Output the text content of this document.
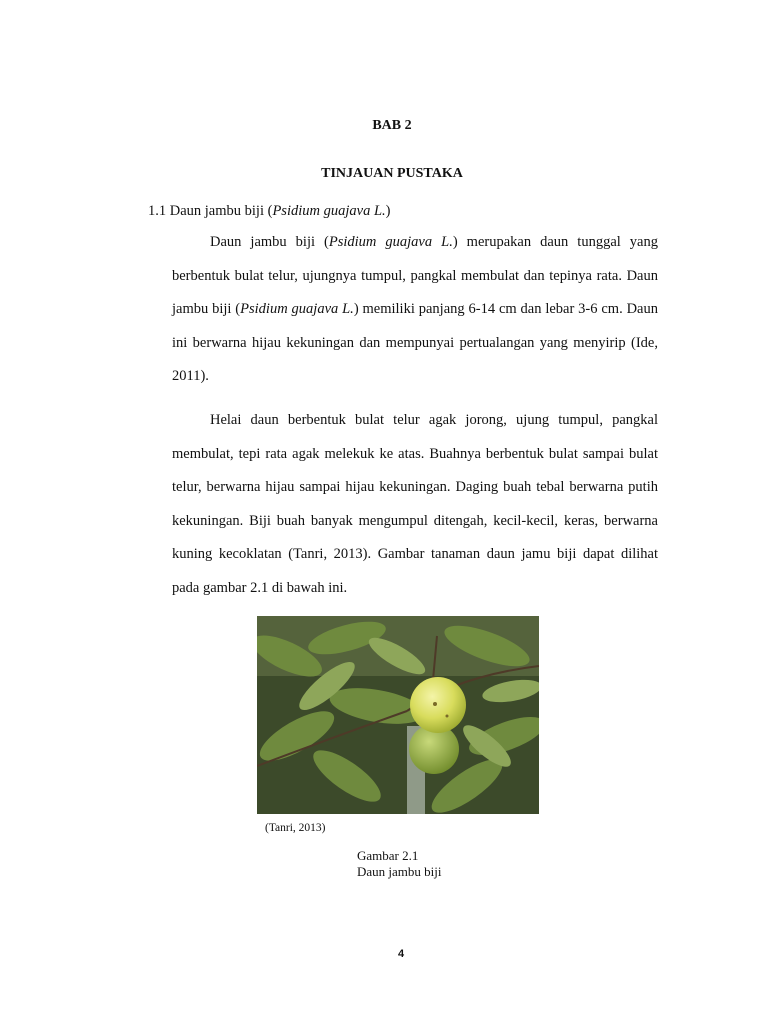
BAB 2
TINJAUAN PUSTAKA
1.1 Daun jambu biji (Psidium guajava L.)

Daun jambu biji (Psidium guajava L.) merupakan daun tunggal yang berbentuk bulat telur, ujungnya tumpul, pangkal membulat dan tepinya rata. Daun jambu biji (Psidium guajava L.) memiliki panjang 6-14 cm dan lebar 3-6 cm. Daun ini berwarna hijau kekuningan dan mempunyai pertualangan yang menyirip (Ide, 2011).

Helai daun berbentuk bulat telur agak jorong, ujung tumpul, pangkal membulat, tepi rata agak melekuk ke atas. Buahnya berbentuk bulat sampai bulat telur, berwarna hijau sampai hijau kekuningan. Daging buah tebal berwarna putih kekuningan. Biji buah banyak mengumpul ditengah, kecil-kecil, keras, berwarna kuning kecoklatan (Tanri, 2013). Gambar tanaman daun jamu biji dapat dilihat pada gambar 2.1 di bawah ini.

(Tanri, 2013)
Gambar 2.1
Daun jambu biji
4
